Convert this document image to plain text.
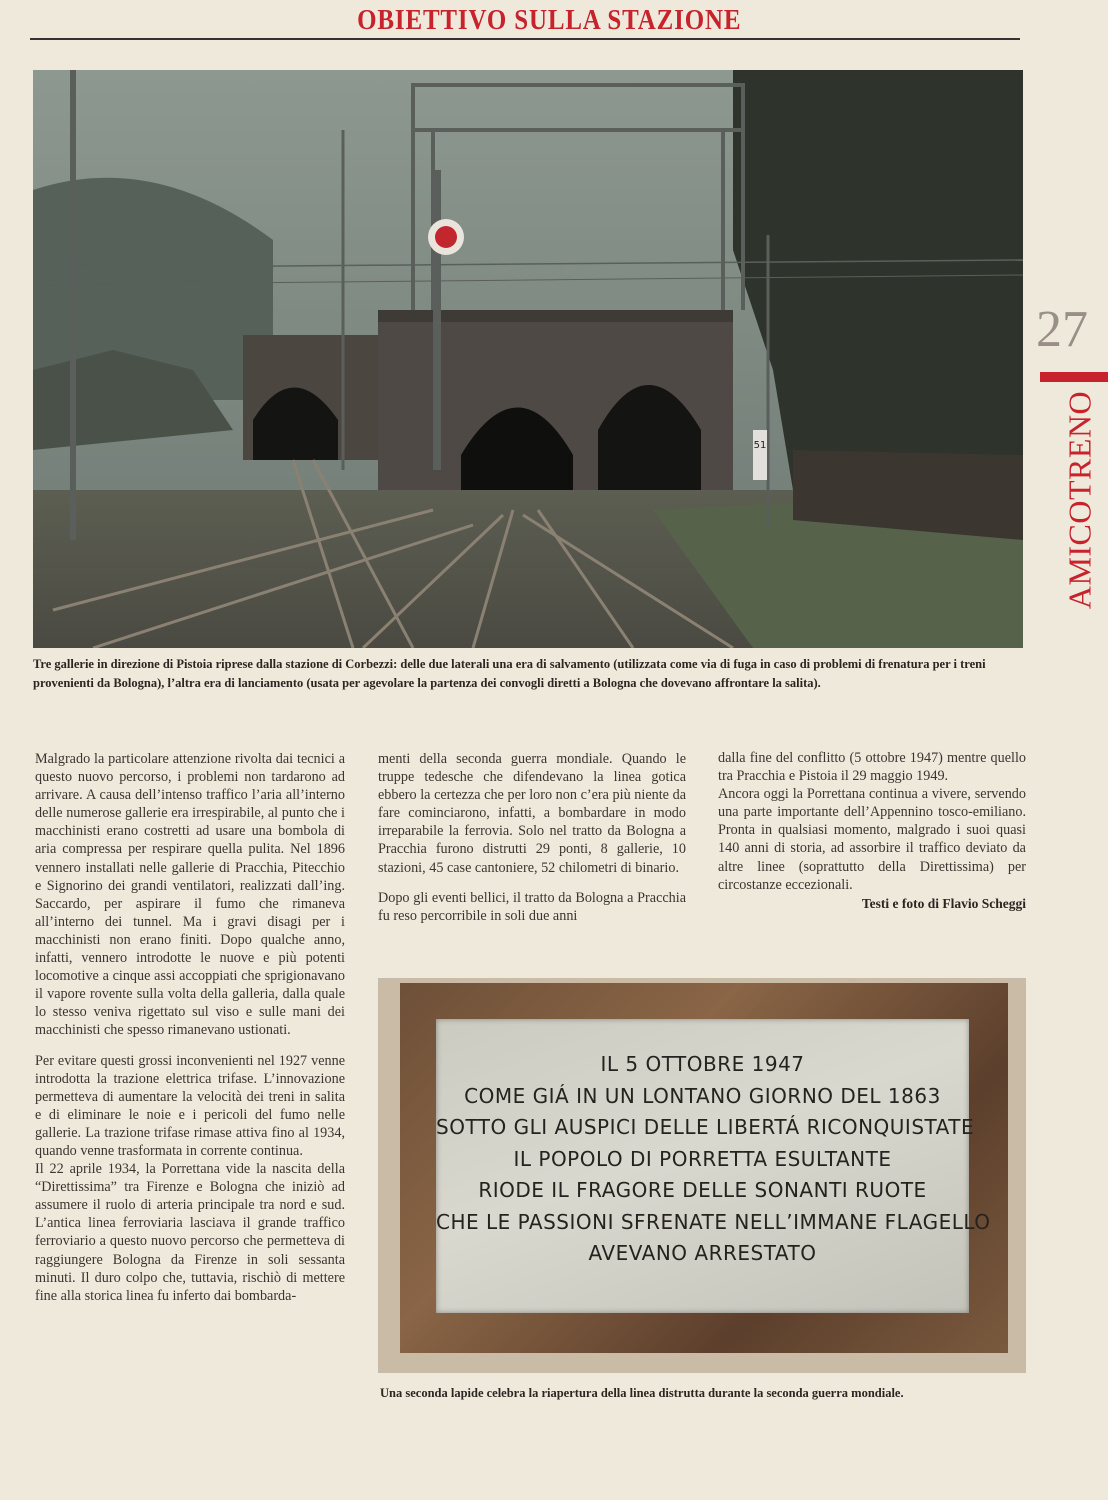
OBIETTIVO SULLA STAZIONE
51
Tre gallerie in direzione di Pistoia riprese dalla stazione di Corbezzi: delle due laterali una era di salvamento (utilizzata come via di fuga in caso di problemi di frenatura per i treni provenienti da Bologna), l’altra era di lanciamento (usata per agevolare la partenza dei convogli diretti a Bologna che dovevano affrontare la salita).

Malgrado la particolare attenzione rivolta dai tecnici a questo nuovo percorso, i problemi non tardarono ad arrivare. A causa dell’intenso traffico l’aria all’interno delle numerose gallerie era irrespirabile, al punto che i macchinisti erano costretti ad usare una bombola di aria compressa per respirare quella pulita. Nel 1896 vennero installati nelle gallerie di Pracchia, Pitecchio e Signorino dei grandi ventilatori, realizzati dall’ing. Saccardo, per aspirare il fumo che rimaneva all’interno dei tunnel. Ma i gravi disagi per i macchinisti non erano finiti. Dopo qualche anno, infatti, vennero introdotte le nuove e più potenti locomotive a cinque assi accoppiati che sprigionavano il vapore rovente sulla volta della galleria, dalla quale lo stesso veniva rigettato sul viso e sulle mani dei macchinisti che spesso rimanevano ustionati.

Per evitare questi grossi inconvenienti nel 1927 venne introdotta la trazione elettrica trifase. L’innovazione permetteva di aumentare la velocità dei treni in salita e di eliminare le noie e i pericoli del fumo nelle gallerie. La trazione trifase rimase attiva fino al 1934, quando venne trasformata in corrente continua.

Il 22 aprile 1934, la Porrettana vide la nascita della “Direttissima” tra Firenze e Bologna che iniziò ad assumere il ruolo di arteria principale tra nord e sud. L’antica linea ferroviaria lasciava il grande traffico ferroviario a questo nuovo percorso che permetteva di raggiungere Bologna da Firenze in soli sessanta minuti. Il duro colpo che, tuttavia, rischiò di mettere fine alla storica linea fu inferto dai bombarda-

menti della seconda guerra mondiale. Quando le truppe tedesche che difendevano la linea gotica ebbero la certezza che per loro non c’era più niente da fare cominciarono, infatti, a bombardare in modo irreparabile la ferrovia. Solo nel tratto da Bologna a Pracchia furono distrutti 29 ponti, 8 gallerie, 10 stazioni, 45 case cantoniere, 52 chilometri di binario.

Dopo gli eventi bellici, il tratto da Bologna a Pracchia fu reso percorribile in soli due anni

dalla fine del conflitto (5 ottobre 1947) mentre quello tra Pracchia e Pistoia il 29 maggio 1949.

Ancora oggi la Porrettana continua a vivere, servendo una parte importante dell’Appennino tosco-emiliano. Pronta in qualsiasi momento, malgrado i suoi quasi 140 anni di storia, ad assorbire il traffico deviato da altre linee (soprattutto della Direttissima) per circostanze eccezionali.

Testi e foto di Flavio Scheggi
IL 5 OTTOBRE 1947
COME GIÁ IN UN LONTANO GIORNO DEL 1863
SOTTO GLI AUSPICI DELLE LIBERTÁ RICONQUISTATE
IL POPOLO DI PORRETTA ESULTANTE
RIODE IL FRAGORE DELLE SONANTI RUOTE
CHE LE PASSIONI SFRENATE NELL’IMMANE FLAGELLO
AVEVANO ARRESTATO
Una seconda lapide celebra la riapertura della linea distrutta durante la seconda guerra mondiale.
27
AMICOTRENO
